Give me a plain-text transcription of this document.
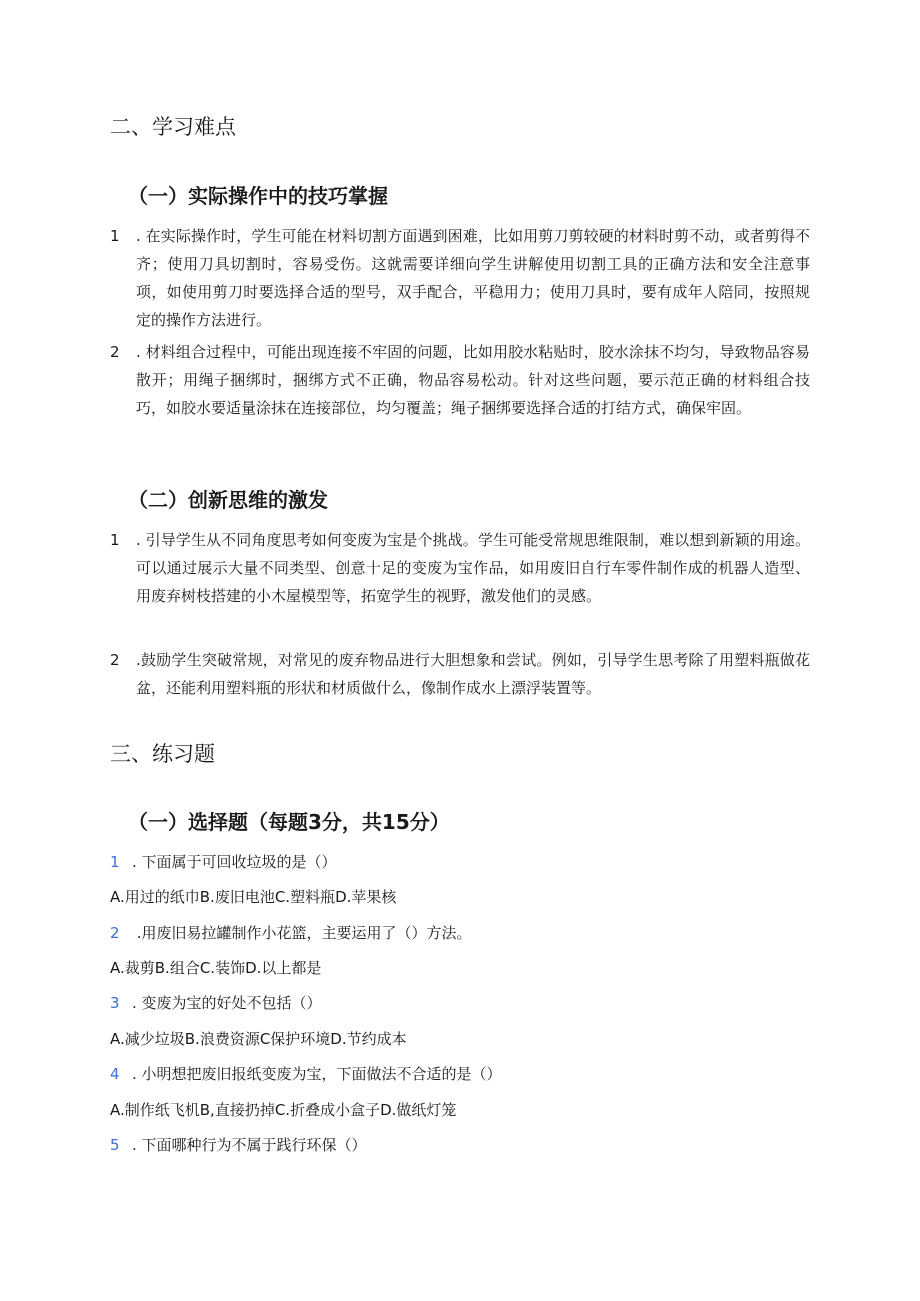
二、学习难点
（一）实际操作中的技巧掌握
1	. 在实际操作时，学生可能在材料切割方面遇到困难，比如用剪刀剪较硬的材料时剪不动，或者剪得不齐；使用刀具切割时，容易受伤。这就需要详细向学生讲解使用切割工具的正确方法和安全注意事项，如使用剪刀时要选择合适的型号，双手配合，平稳用力；使用刀具时，要有成年人陪同，按照规定的操作方法进行。
2	. 材料组合过程中，可能出现连接不牢固的问题，比如用胶水粘贴时，胶水涂抹不均匀，导致物品容易散开；用绳子捆绑时，捆绑方式不正确，物品容易松动。针对这些问题，要示范正确的材料组合技巧，如胶水要适量涂抹在连接部位，均匀覆盖；绳子捆绑要选择合适的打结方式，确保牢固。
（二）创新思维的激发
1	. 引导学生从不同角度思考如何变废为宝是个挑战。学生可能受常规思维限制，难以想到新颖的用途。可以通过展示大量不同类型、创意十足的变废为宝作品，如用废旧自行车零件制作成的机器人造型、用废弃树枝搭建的小木屋模型等，拓宽学生的视野，激发他们的灵感。
2	.鼓励学生突破常规，对常见的废弃物品进行大胆想象和尝试。例如，引导学生思考除了用塑料瓶做花盆，还能利用塑料瓶的形状和材质做什么，像制作成水上漂浮装置等。
三、练习题
（一）选择题（每题3分，共15分）
1 . 下面属于可回收垃圾的是（）
A.用过的纸巾B.废旧电池C.塑料瓶D.苹果核
2 .用废旧易拉罐制作小花篮，主要运用了（）方法。
A.裁剪B.组合C.装饰D.以上都是
3 . 变废为宝的好处不包括（）
A.减少垃圾B.浪费资源C保护环境D.节约成本
4 . 小明想把废旧报纸变废为宝，下面做法不合适的是（）
A.制作纸飞机B,直接扔掉C.折叠成小盒子D.做纸灯笼
5 . 下面哪种行为不属于践行环保（）
